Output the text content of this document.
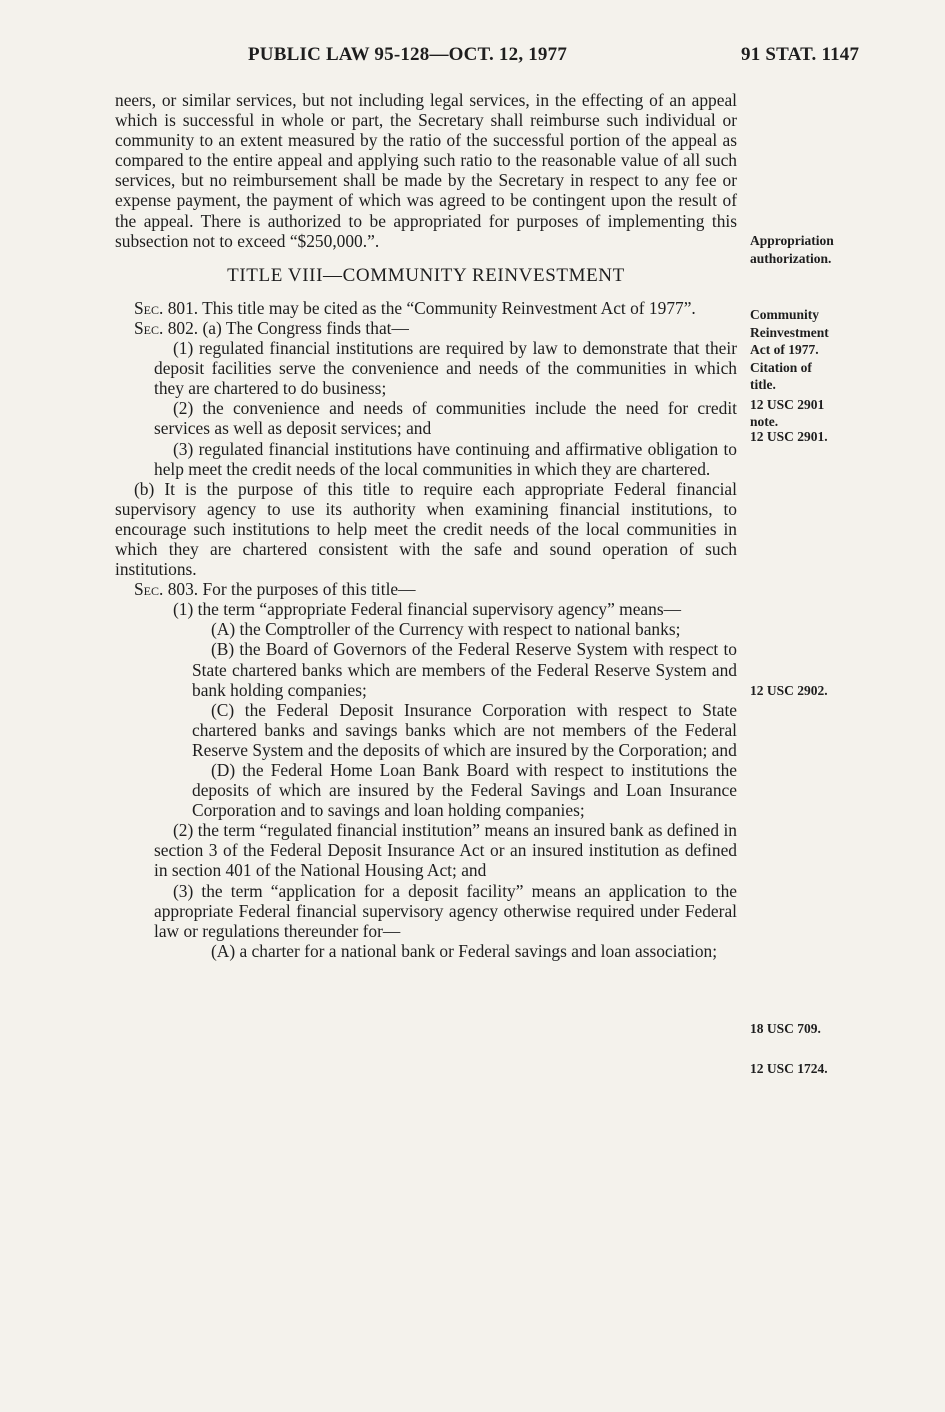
PUBLIC LAW 95-128—OCT. 12, 1977	91 STAT. 1147

neers, or similar services, but not including legal services, in the effecting of an appeal which is successful in whole or part, the Secretary shall reimburse such individual or community to an extent measured by the ratio of the successful portion of the appeal as compared to the entire appeal and applying such ratio to the reasonable value of all such services, but no reimbursement shall be made by the Secretary in respect to any fee or expense payment, the payment of which was agreed to be contingent upon the result of the appeal. There is authorized to be appropriated for purposes of implementing this subsection not to exceed “$250,000.”.

TITLE VIII—COMMUNITY REINVESTMENT

Sec. 801. This title may be cited as the “Community Reinvestment Act of 1977”.

Sec. 802. (a) The Congress finds that—

(1) regulated financial institutions are required by law to demonstrate that their deposit facilities serve the convenience and needs of the communities in which they are chartered to do business;

(2) the convenience and needs of communities include the need for credit services as well as deposit services; and

(3) regulated financial institutions have continuing and affirmative obligation to help meet the credit needs of the local communities in which they are chartered.

(b) It is the purpose of this title to require each appropriate Federal financial supervisory agency to use its authority when examining financial institutions, to encourage such institutions to help meet the credit needs of the local communities in which they are chartered consistent with the safe and sound operation of such institutions.

Sec. 803. For the purposes of this title—

(1) the term “appropriate Federal financial supervisory agency” means—

(A) the Comptroller of the Currency with respect to national banks;

(B) the Board of Governors of the Federal Reserve System with respect to State chartered banks which are members of the Federal Reserve System and bank holding companies;

(C) the Federal Deposit Insurance Corporation with respect to State chartered banks and savings banks which are not members of the Federal Reserve System and the deposits of which are insured by the Corporation; and

(D) the Federal Home Loan Bank Board with respect to institutions the deposits of which are insured by the Federal Savings and Loan Insurance Corporation and to savings and loan holding companies;

(2) the term “regulated financial institution” means an insured bank as defined in section 3 of the Federal Deposit Insurance Act or an insured institution as defined in section 401 of the National Housing Act; and

(3) the term “application for a deposit facility” means an application to the appropriate Federal financial supervisory agency otherwise required under Federal law or regulations thereunder for—

(A) a charter for a national bank or Federal savings and loan association;

Appropriation
authorization.
Community
Reinvestment
Act of 1977.
Citation of
title.
12 USC 2901
note.
12 USC 2901.
12 USC 2902.
18 USC 709.
12 USC 1724.
